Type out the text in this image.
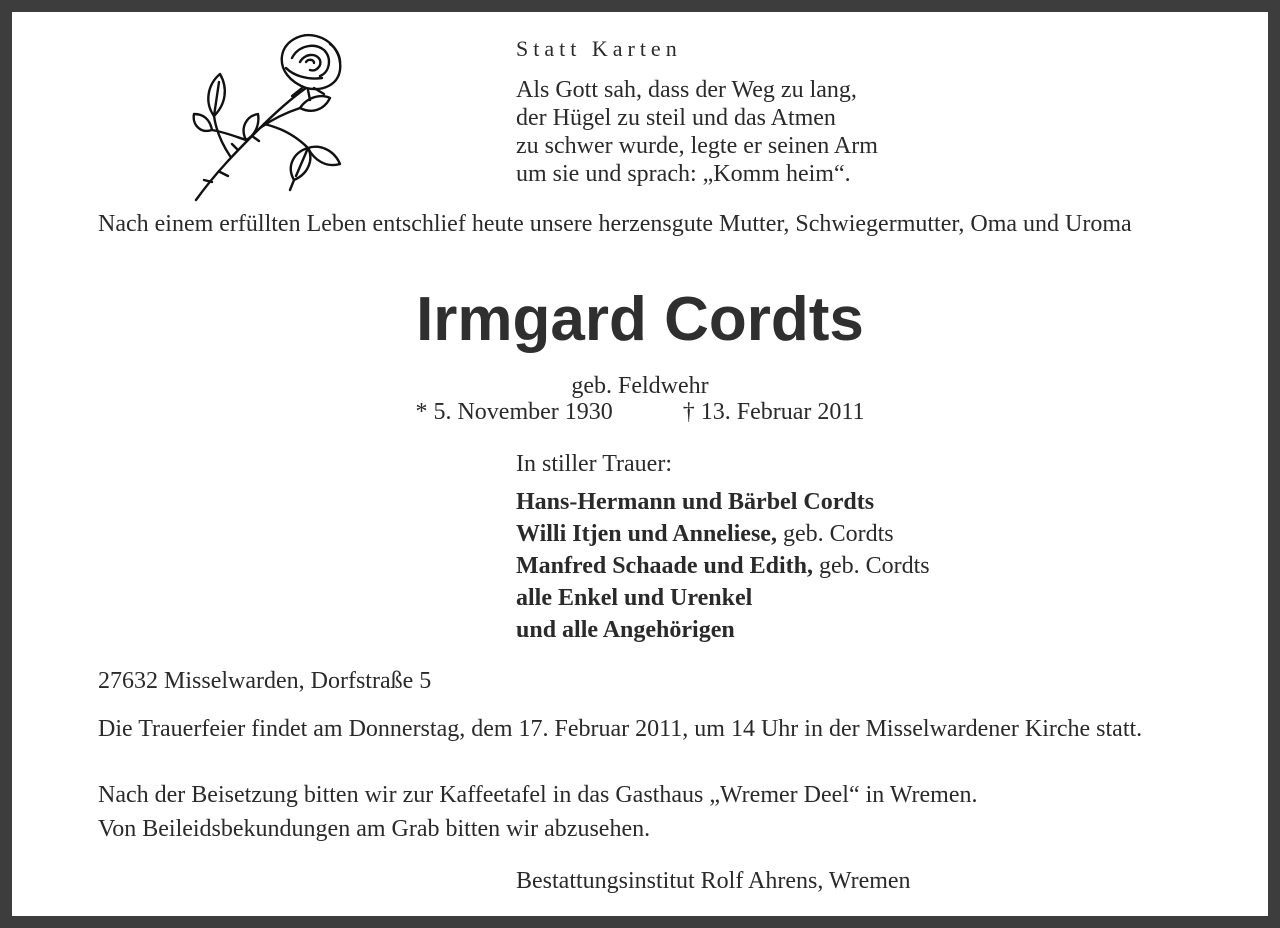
Statt Karten

Als Gott sah, dass der Weg zu lang,
der Hügel zu steil und das Atmen
zu schwer wurde, legte er seinen Arm
um sie und sprach: „Komm heim“.
Nach einem erfüllten Leben entschlief heute unsere herzensgute Mutter, Schwiegermutter, Oma und Uroma
Irmgard Cordts
geb. Feldwehr
* 5. November 1930	† 13. Februar 2011
In stiller Trauer:
Hans-Hermann und Bärbel Cordts
Willi Itjen und Anneliese, geb. Cordts
Manfred Schaade und Edith, geb. Cordts
alle Enkel und Urenkel
und alle Angehörigen
27632 Misselwarden, Dorfstraße 5
Die Trauerfeier findet am Donnerstag, dem 17. Februar 2011, um 14 Uhr in der Misselwardener Kirche statt.
Nach der Beisetzung bitten wir zur Kaffeetafel in das Gasthaus „Wremer Deel“ in Wremen.
Von Beileidsbekundungen am Grab bitten wir abzusehen.
Bestattungsinstitut Rolf Ahrens, Wremen
